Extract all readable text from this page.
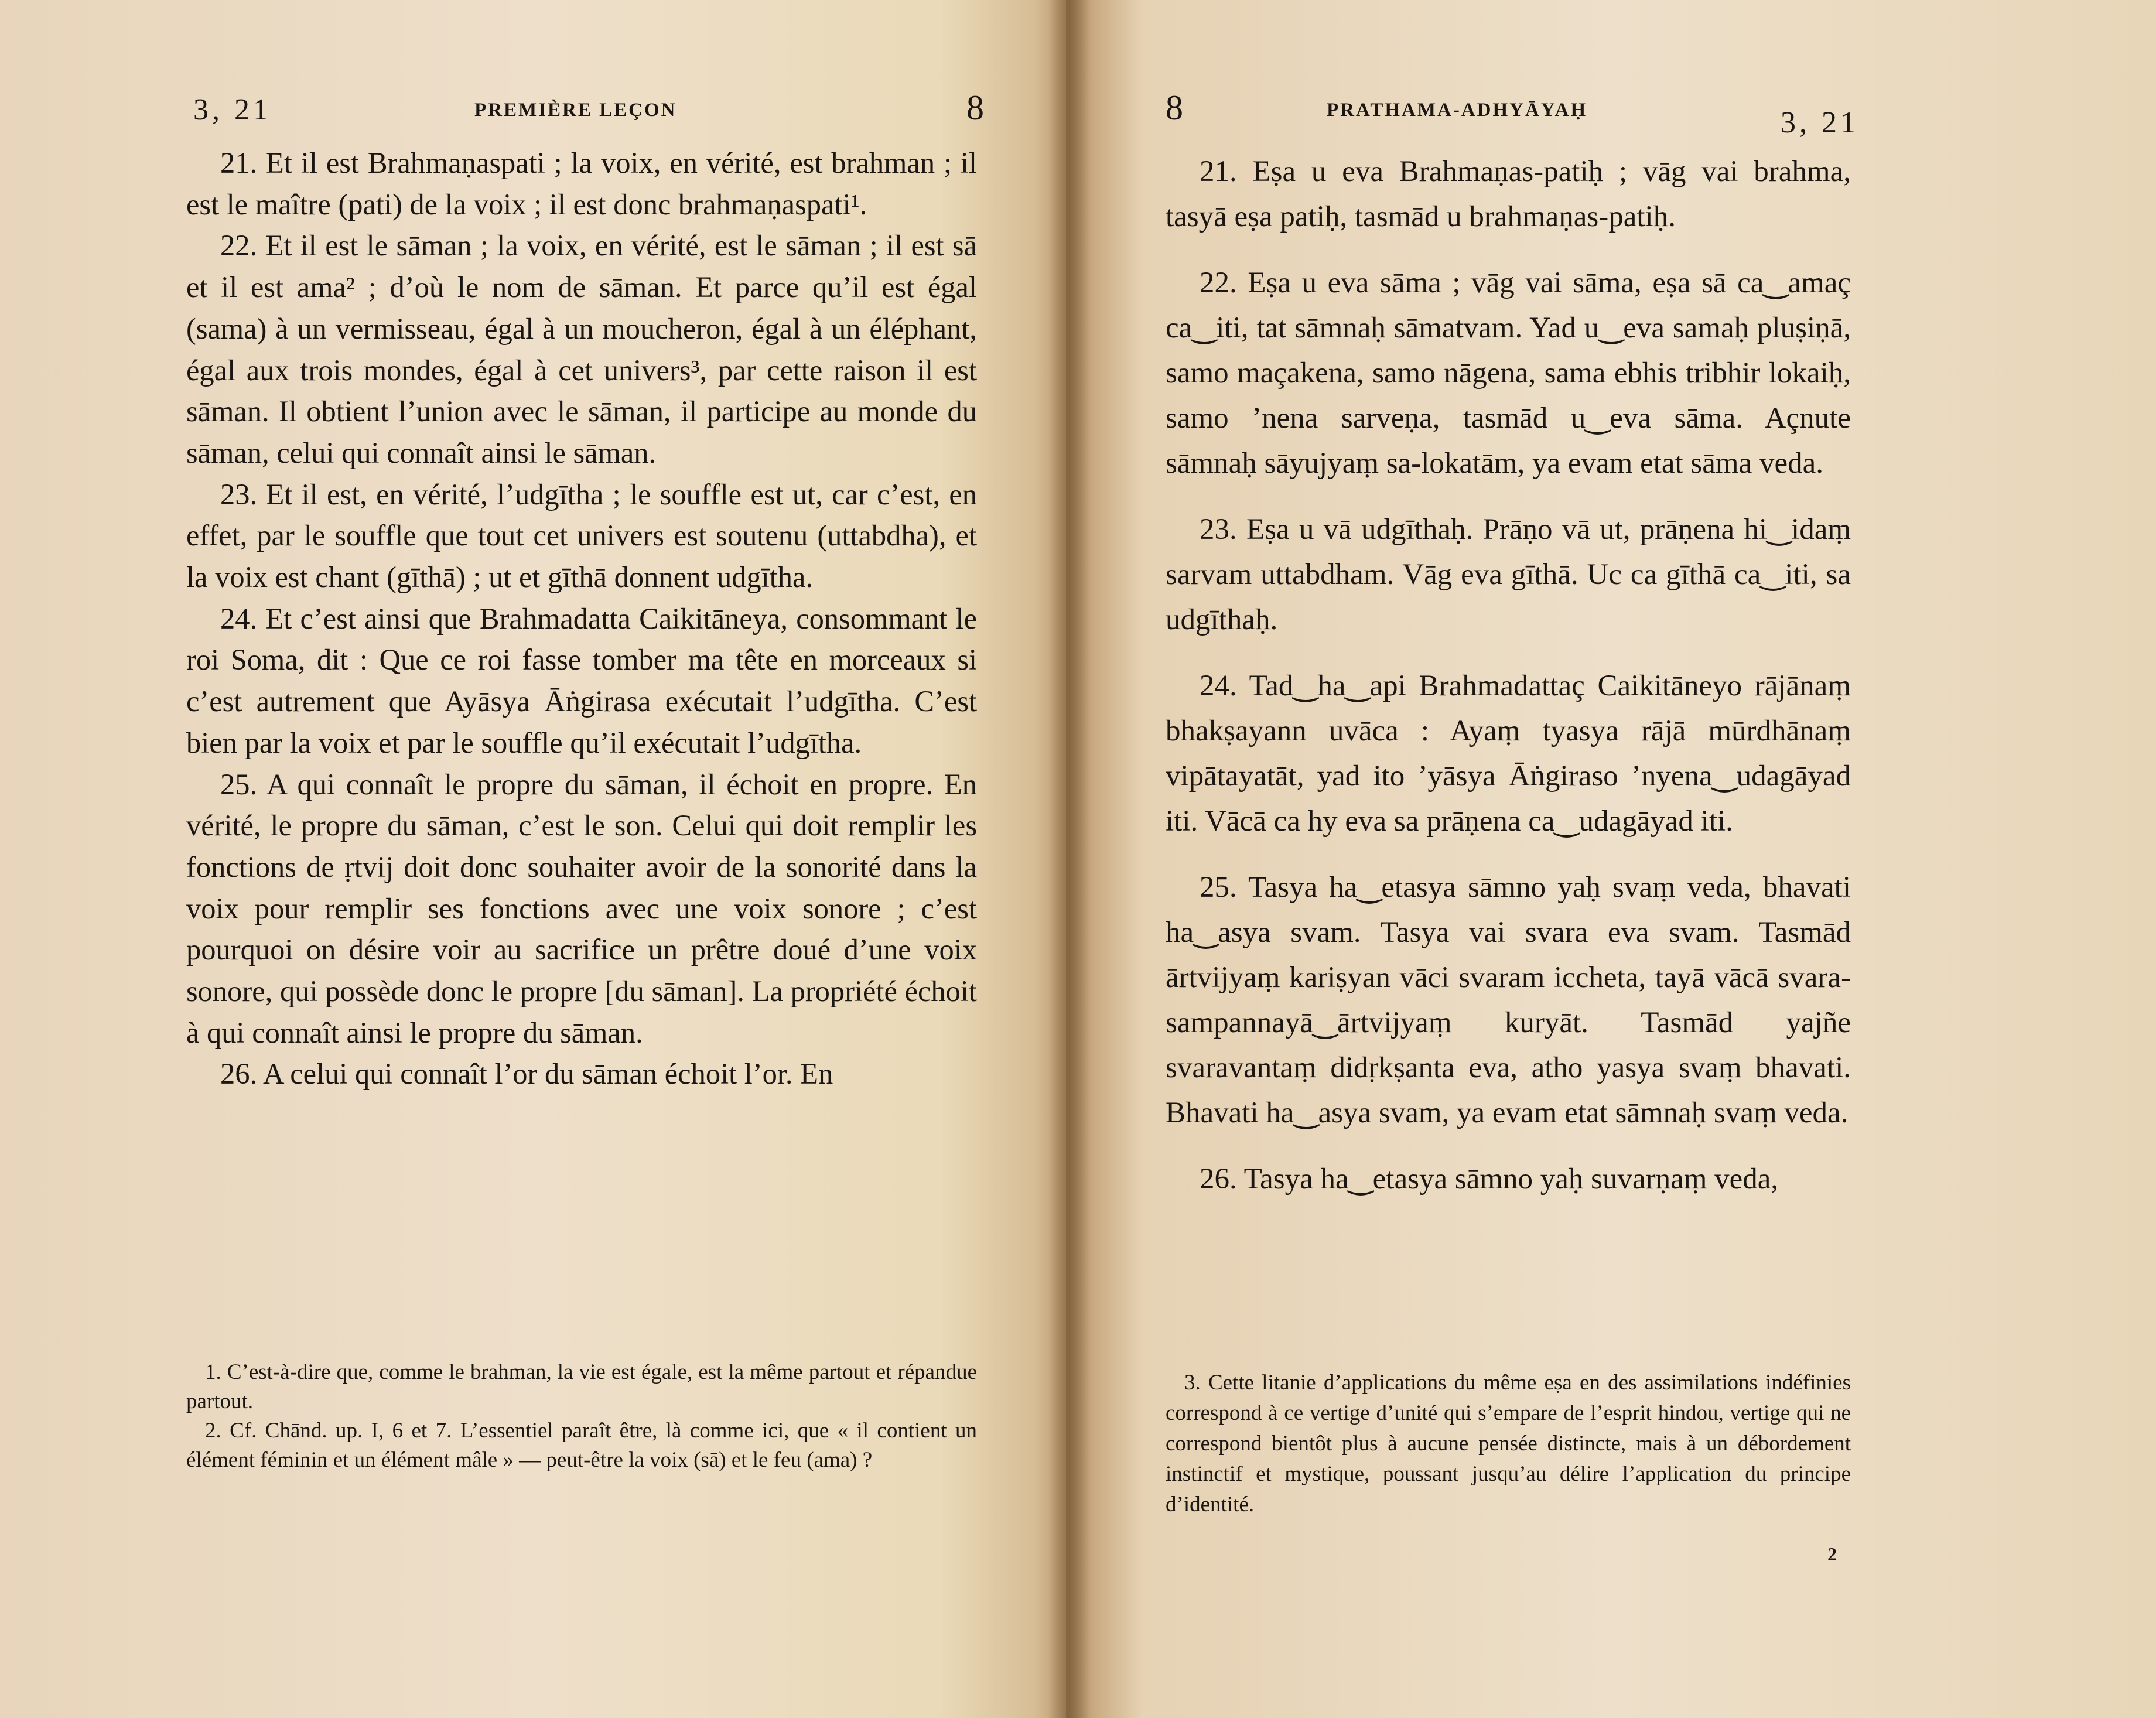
3, 21	PREMIÈRE LEÇON	8

21. Et il est Brahmaṇaspati ; la voix, en vérité, est brahman ; il est le maître (pati) de la voix ; il est donc brahmaṇaspati¹.

22. Et il est le sāman ; la voix, en vérité, est le sāman ; il est sā et il est ama² ; d’où le nom de sāman. Et parce qu’il est égal (sama) à un vermisseau, égal à un moucheron, égal à un éléphant, égal aux trois mondes, égal à cet univers³, par cette raison il est sāman. Il obtient l’union avec le sāman, il participe au monde du sāman, celui qui connaît ainsi le sāman.

23. Et il est, en vérité, l’udgītha ; le souffle est ut, car c’est, en effet, par le souffle que tout cet univers est soutenu (uttabdha), et la voix est chant (gīthā) ; ut et gīthā donnent udgītha.

24. Et c’est ainsi que Brahmadatta Caikitāneya, consommant le roi Soma, dit : Que ce roi fasse tomber ma tête en morceaux si c’est autrement que Ayāsya Āṅgirasa exécutait l’udgītha. C’est bien par la voix et par le souffle qu’il exécutait l’udgītha.

25. A qui connaît le propre du sāman, il échoit en propre. En vérité, le propre du sāman, c’est le son. Celui qui doit remplir les fonctions de ṛtvij doit donc souhaiter avoir de la sonorité dans la voix pour remplir ses fonctions avec une voix sonore ; c’est pourquoi on désire voir au sacrifice un prêtre doué d’une voix sonore, qui possède donc le propre [du sāman]. La propriété échoit à qui connaît ainsi le propre du sāman.

26. A celui qui connaît l’or du sāman échoit l’or. En

1. C’est-à-dire que, comme le brahman, la vie est égale, est la même partout et répandue partout.

2. Cf. Chānd. up. I, 6 et 7. L’essentiel paraît être, là comme ici, que « il contient un élément féminin et un élément mâle » — peut-être la voix (sā) et le feu (ama) ?

8	PRATHAMA-ADHYĀYAḤ	3, 21

21. Eṣa u eva Brahmaṇas-patiḥ ; vāg vai brahma, tasyā eṣa patiḥ, tasmād u brahmaṇas-patiḥ.

22. Eṣa u eva sāma ; vāg vai sāma, eṣa sā ca‿amaç ca‿iti, tat sāmnaḥ sāmatvam. Yad u‿eva samaḥ pluṣiṇā, samo maçakena, samo nāgena, sama ebhis tribhir lokaiḥ, samo ’nena sarveṇa, tasmād u‿eva sāma. Açnute sāmnaḥ sāyujyaṃ sa-lokatām, ya evam etat sāma veda.

23. Eṣa u vā udgīthaḥ. Prāṇo vā ut, prāṇena hi‿idaṃ sarvam uttabdham. Vāg eva gīthā. Uc ca gīthā ca‿iti, sa udgīthaḥ.

24. Tad‿ha‿api Brahmadattaç Caikitāneyo rājānaṃ bhakṣayann uvāca : Ayaṃ tyasya rājā mūrdhānaṃ vipātayatāt, yad ito ’yāsya Āṅgiraso ’nyena‿udagāyad iti. Vācā ca hy eva sa prāṇena ca‿udagāyad iti.

25. Tasya ha‿etasya sāmno yaḥ svaṃ veda, bhavati ha‿asya svam. Tasya vai svara eva svam. Tasmād ārtvijyaṃ kariṣyan vāci svaram iccheta, tayā vācā svara-sampannayā‿ārtvijyaṃ kuryāt. Tasmād yajñe svaravantaṃ didṛkṣanta eva, atho yasya svaṃ bhavati. Bhavati ha‿asya svam, ya evam etat sāmnaḥ svaṃ veda.

26. Tasya ha‿etasya sāmno yaḥ suvarṇaṃ veda,

3. Cette litanie d’applications du même eṣa en des assimilations indéfinies correspond à ce vertige d’unité qui s’empare de l’esprit hindou, vertige qui ne correspond bientôt plus à aucune pensée distincte, mais à un débordement instinctif et mystique, poussant jusqu’au délire l’application du principe d’identité.

2
